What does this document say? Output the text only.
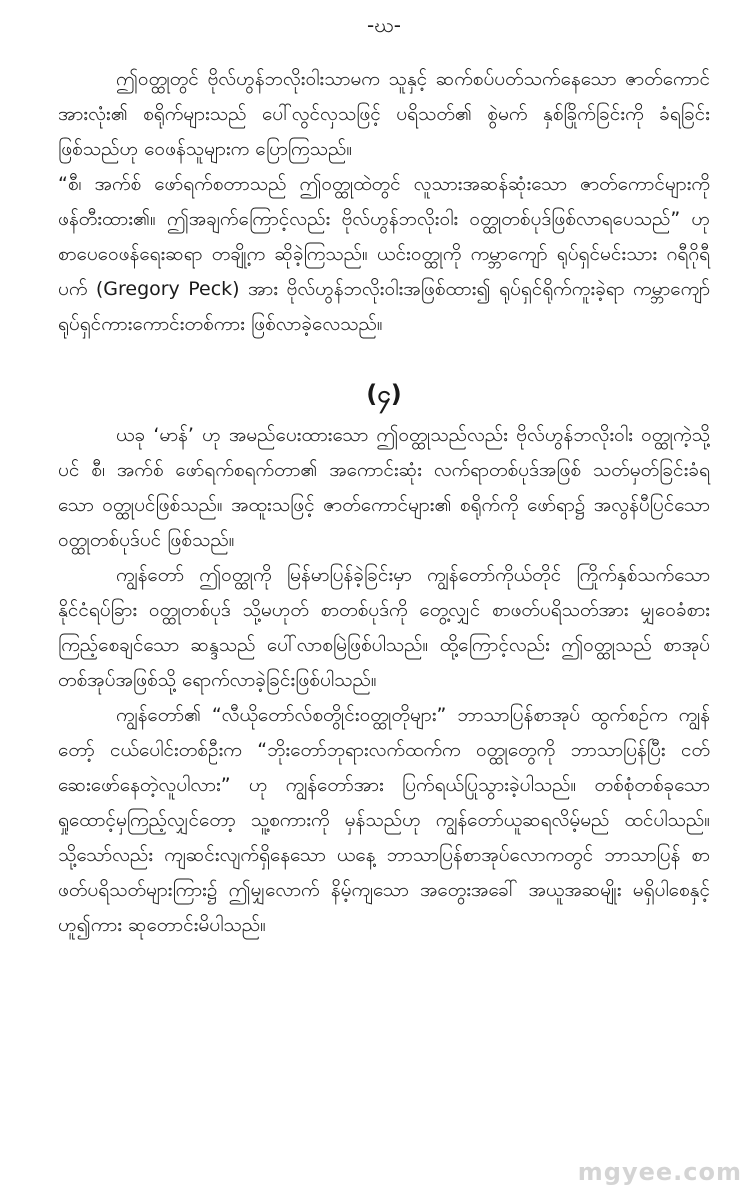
-ဃ-

ဤဝတ္ထုတွင် ဗိုလ်ဟွန်ဘလိုးဝါးသာမက သူနှင့် ဆက်စပ်ပတ်သက်နေသော ဇာတ်ကောင်အားလုံး၏ စရိုက်များသည် ပေါ်လွင်လှသဖြင့် ပရိသတ်၏ စွဲမက် နှစ်ခြိုက်ခြင်းကို ခံရခြင်းဖြစ်သည်ဟု ဝေဖန်သူများက ပြောကြသည်။

“စီ၊ အက်စ် ဖော်ရက်စတာသည် ဤဝတ္ထုထဲတွင် လူသားအဆန်ဆုံးသော ဇာတ်ကောင်များကို ဖန်တီးထား၏။ ဤအချက်ကြောင့်လည်း ဗိုလ်ဟွန်ဘလိုးဝါး ဝတ္ထုတစ်ပုဒ်ဖြစ်လာရပေသည်” ဟု စာပေဝေဖန်ရေးဆရာ တချို့က ဆိုခဲ့ကြသည်။ ယင်းဝတ္ထုကို ကမ္ဘာကျော် ရုပ်ရှင်မင်းသား ဂရီဂိုရီပက် (Gregory Peck) အား ဗိုလ်ဟွန်ဘလိုးဝါးအဖြစ်ထား၍ ရုပ်ရှင်ရိုက်ကူးခဲ့ရာ ကမ္ဘာကျော် ရုပ်ရှင်ကားကောင်းတစ်ကား ဖြစ်လာခဲ့လေသည်။

(၄)

ယခု ‘မာန်’ ဟု အမည်ပေးထားသော ဤဝတ္ထုသည်လည်း ဗိုလ်ဟွန်ဘလိုးဝါး ဝတ္ထုကဲ့သို့ပင် စီ၊ အက်စ် ဖော်ရက်စရက်တာ၏ အကောင်းဆုံး လက်ရာတစ်ပုဒ်အဖြစ် သတ်မှတ်ခြင်းခံရသော ဝတ္ထုပင်ဖြစ်သည်။ အထူးသဖြင့် ဇာတ်ကောင်များ၏ စရိုက်ကို ဖော်ရာ၌ အလွန်ပီပြင်သော ဝတ္ထုတစ်ပုဒ်ပင် ဖြစ်သည်။

ကျွန်တော် ဤဝတ္ထုကို မြန်မာပြန်ခဲ့ခြင်းမှာ ကျွန်တော်ကိုယ်တိုင် ကြိုက်နှစ်သက်သော နိုင်ငံရပ်ခြား ဝတ္ထုတစ်ပုဒ် သို့မဟုတ် စာတစ်ပုဒ်ကို တွေ့လျှင် စာဖတ်ပရိသတ်အား မျှဝေခံစားကြည့်စေချင်သော ဆန္ဒသည် ပေါ်လာစမြဲဖြစ်ပါသည်။ ထို့ကြောင့်လည်း ဤဝတ္ထုသည် စာအုပ်တစ်အုပ်အဖြစ်သို့ ရောက်လာခဲ့ခြင်းဖြစ်ပါသည်။

ကျွန်တော်၏ “လီယိုတော်လ်စတွိုင်းဝတ္ထုတိုများ” ဘာသာပြန်စာအုပ် ထွက်စဉ်က ကျွန်တော့် ငယ်ပေါင်းတစ်ဦးက “ဘိုးတော်ဘုရားလက်ထက်က ဝတ္ထုတွေကို ဘာသာပြန်ပြီး ငတ်ဆေးဖော်နေတဲ့လူပါလား” ဟု ကျွန်တော်အား ပြက်ရယ်ပြုသွားခဲ့ပါသည်။ တစ်စုံတစ်ခုသော ရှုထောင့်မှကြည့်လျှင်တော့ သူ့စကားကို မှန်သည်ဟု ကျွန်တော်ယူဆရလိမ့်မည် ထင်ပါသည်။ သို့သော်လည်း ကျဆင်းလျက်ရှိနေသော ယနေ့ ဘာသာပြန်စာအုပ်လောကတွင် ဘာသာပြန် စာဖတ်ပရိသတ်များကြား၌ ဤမျှလောက် နိမ့်ကျသော အတွေးအခေါ် အယူအဆမျိုး မရှိပါစေနှင့်ဟူ၍ကား ဆုတောင်းမိပါသည်။

mgyee.com
